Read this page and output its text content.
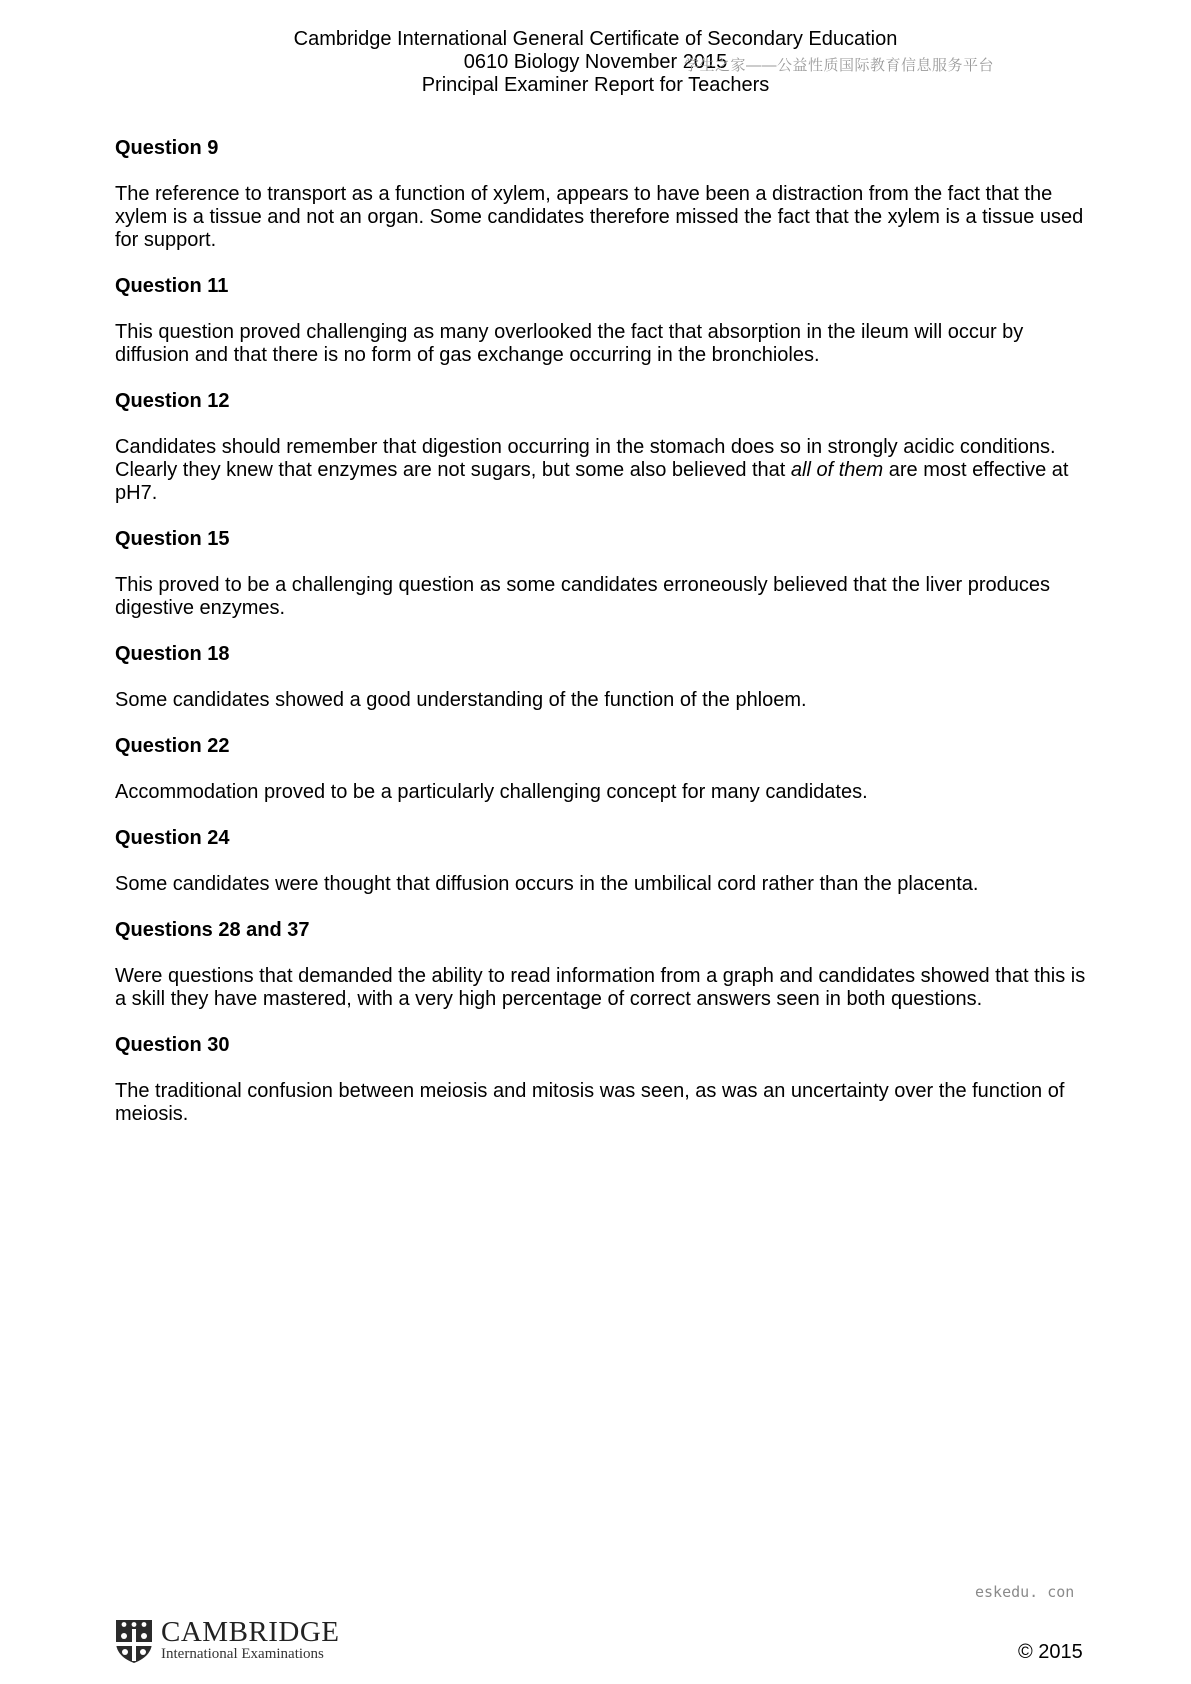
Cambridge International General Certificate of Secondary Education
0610 Biology November 2015
Principal Examiner Report for Teachers
学生之家——公益性质国际教育信息服务平台
Question 9

The reference to transport as a function of xylem, appears to have been a distraction from the fact that the xylem is a tissue and not an organ. Some candidates therefore missed the fact that the xylem is a tissue used for support.

Question 11

This question proved challenging as many overlooked the fact that absorption in the ileum will occur by diffusion and that there is no form of gas exchange occurring in the bronchioles.

Question 12

Candidates should remember that digestion occurring in the stomach does so in strongly acidic conditions. Clearly they knew that enzymes are not sugars, but some also believed that all of them are most effective at pH7.

Question 15

This proved to be a challenging question as some candidates erroneously believed that the liver produces digestive enzymes.

Question 18

Some candidates showed a good understanding of the function of the phloem.

Question 22

Accommodation proved to be a particularly challenging concept for many candidates.

Question 24

Some candidates were thought that diffusion occurs in the umbilical cord rather than the placenta.

Questions 28 and 37

Were questions that demanded the ability to read information from a graph and candidates showed that this is a skill they have mastered, with a very high percentage of correct answers seen in both questions.

Question 30

The traditional confusion between meiosis and mitosis was seen, as was an uncertainty over the function of meiosis.

eskedu. con
CAMBRIDGE
International Examinations	© 2015
